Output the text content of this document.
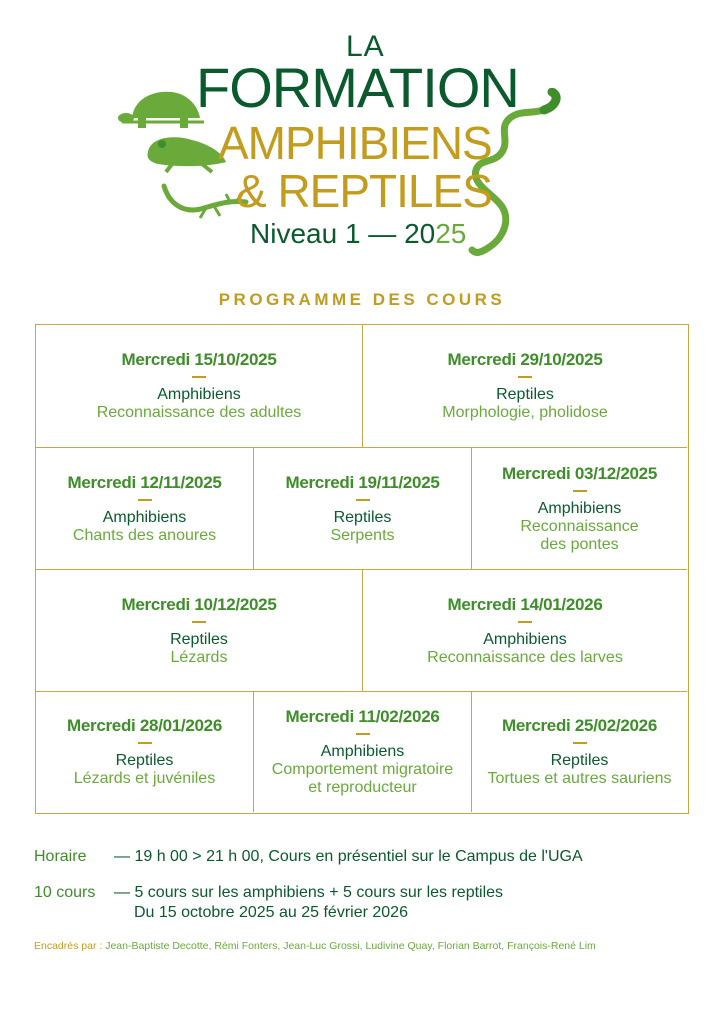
LA
FORMATION
AMPHIBIENS
& REPTILES
Niveau 1 — 2025
PROGRAMME DES COURS
Mercredi 15/10/2025
Amphibiens
Reconnaissance des adultes
Mercredi 29/10/2025
Reptiles
Morphologie, pholidose
Mercredi 12/11/2025
Amphibiens
Chants des anoures
Mercredi 19/11/2025
Reptiles
Serpents
Mercredi 03/12/2025
Amphibiens
Reconnaissance
des pontes
Mercredi 10/12/2025
Reptiles
Lézards
Mercredi 14/01/2026
Amphibiens
Reconnaissance des larves
Mercredi 28/01/2026
Reptiles
Lézards et juvéniles
Mercredi 11/02/2026
Amphibiens
Comportement migratoire
et reproducteur
Mercredi 25/02/2026
Reptiles
Tortues et autres sauriens
Horaire — 19 h 00 > 21 h 00, Cours en présentiel sur le Campus de l'UGA
10 cours — 5 cours sur les amphibiens + 5 cours sur les reptiles
Du 15 octobre 2025 au 25 février 2026
Encadrés par : Jean-Baptiste Decotte, Rémi Fonters, Jean-Luc Grossi, Ludivine Quay, Florian Barrot, François-René Lim
